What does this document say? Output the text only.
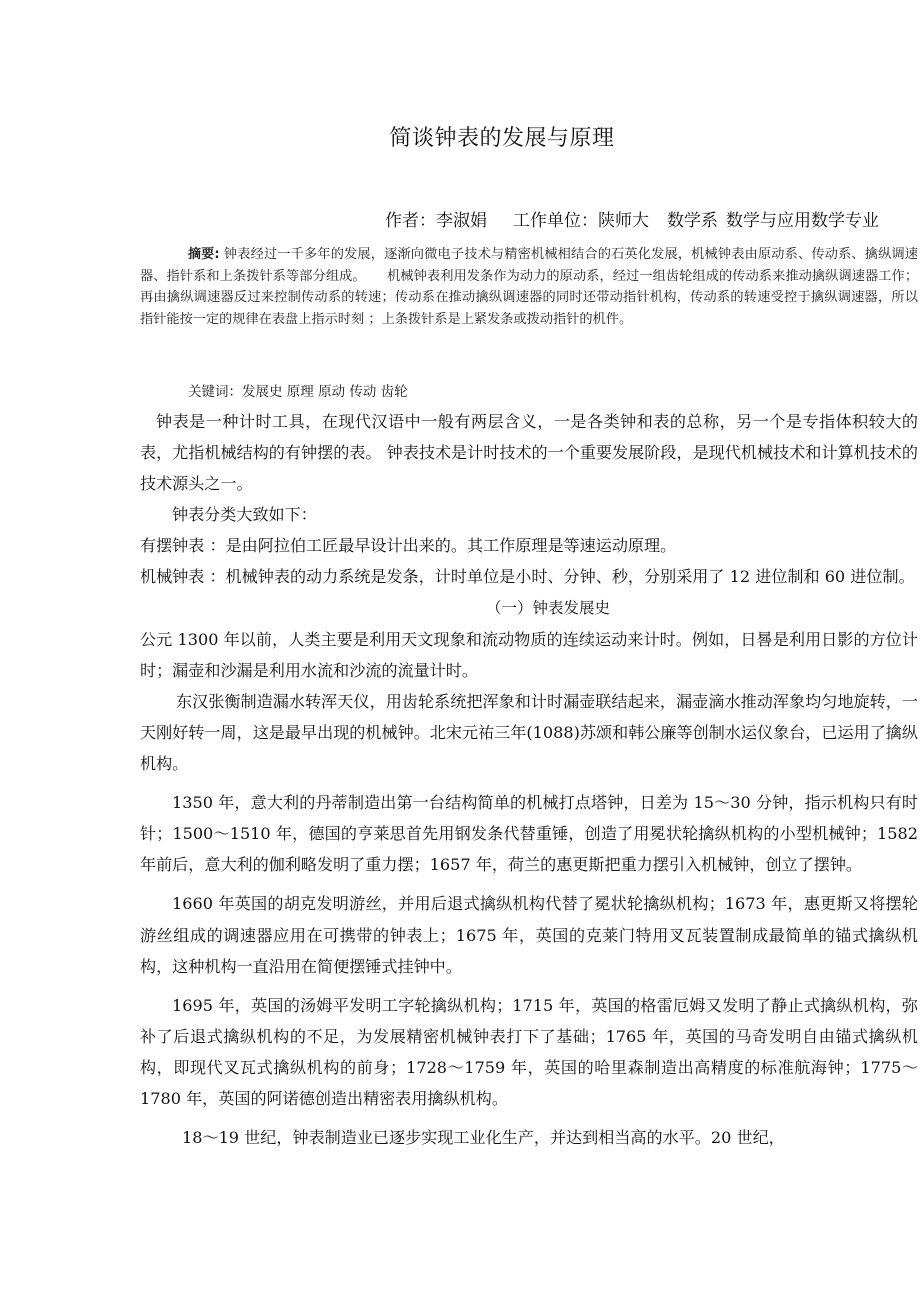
简谈钟表的发展与原理
作者：李淑娟 工作单位：陕师大 数学系 数学与应用数学专业

摘要: 钟表经过一千多年的发展，逐渐向微电子技术与精密机械相结合的石英化发展，机械钟表由原动系、传动系、擒纵调速器、指针系和上条拨针系等部分组成。 机械钟表利用发条作为动力的原动系，经过一组齿轮组成的传动系来推动擒纵调速器工作；再由擒纵调速器反过来控制传动系的转速；传动系在推动擒纵调速器的同时还带动指针机构，传动系的转速受控于擒纵调速器，所以指针能按一定的规律在表盘上指示时刻 ；上条拨针系是上紧发条或拨动指针的机件。

关键词：发展史 原理 原动 传动 齿轮

钟表是一种计时工具，在现代汉语中一般有两层含义，一是各类钟和表的总称，另一个是专指体积较大的表，尤指机械结构的有钟摆的表。 钟表技术是计时技术的一个重要发展阶段，是现代机械技术和计算机技术的技术源头之一。

钟表分类大致如下：

有摆钟表 ：是由阿拉伯工匠最早设计出来的。其工作原理是等速运动原理。

机械钟表 ：机械钟表的动力系统是发条，计时单位是小时、分钟、秒，分别采用了 12 进位制和 60 进位制。

（一）钟表发展史

公元 1300 年以前，人类主要是利用天文现象和流动物质的连续运动来计时。例如，日晷是利用日影的方位计时；漏壶和沙漏是利用水流和沙流的流量计时。

东汉张衡制造漏水转浑天仪，用齿轮系统把浑象和计时漏壶联结起来，漏壶滴水推动浑象均匀地旋转，一天刚好转一周，这是最早出现的机械钟。北宋元祐三年(1088)苏颂和韩公廉等创制水运仪象台，已运用了擒纵机构。

1350 年，意大利的丹蒂制造出第一台结构简单的机械打点塔钟，日差为 15～30 分钟，指示机构只有时针；1500～1510 年，德国的亨莱思首先用钢发条代替重锤，创造了用冕状轮擒纵机构的小型机械钟；1582 年前后，意大利的伽利略发明了重力摆；1657 年，荷兰的惠更斯把重力摆引入机械钟，创立了摆钟。

1660 年英国的胡克发明游丝，并用后退式擒纵机构代替了冕状轮擒纵机构；1673 年，惠更斯又将摆轮游丝组成的调速器应用在可携带的钟表上；1675 年，英国的克莱门特用叉瓦装置制成最简单的锚式擒纵机构，这种机构一直沿用在简便摆锤式挂钟中。

1695 年，英国的汤姆平发明工字轮擒纵机构；1715 年，英国的格雷厄姆又发明了静止式擒纵机构，弥补了后退式擒纵机构的不足，为发展精密机械钟表打下了基础；1765 年，英国的马奇发明自由锚式擒纵机构，即现代叉瓦式擒纵机构的前身；1728～1759 年，英国的哈里森制造出高精度的标准航海钟；1775～1780 年，英国的阿诺德创造出精密表用擒纵机构。

18～19 世纪，钟表制造业已逐步实现工业化生产，并达到相当高的水平。20 世纪，
